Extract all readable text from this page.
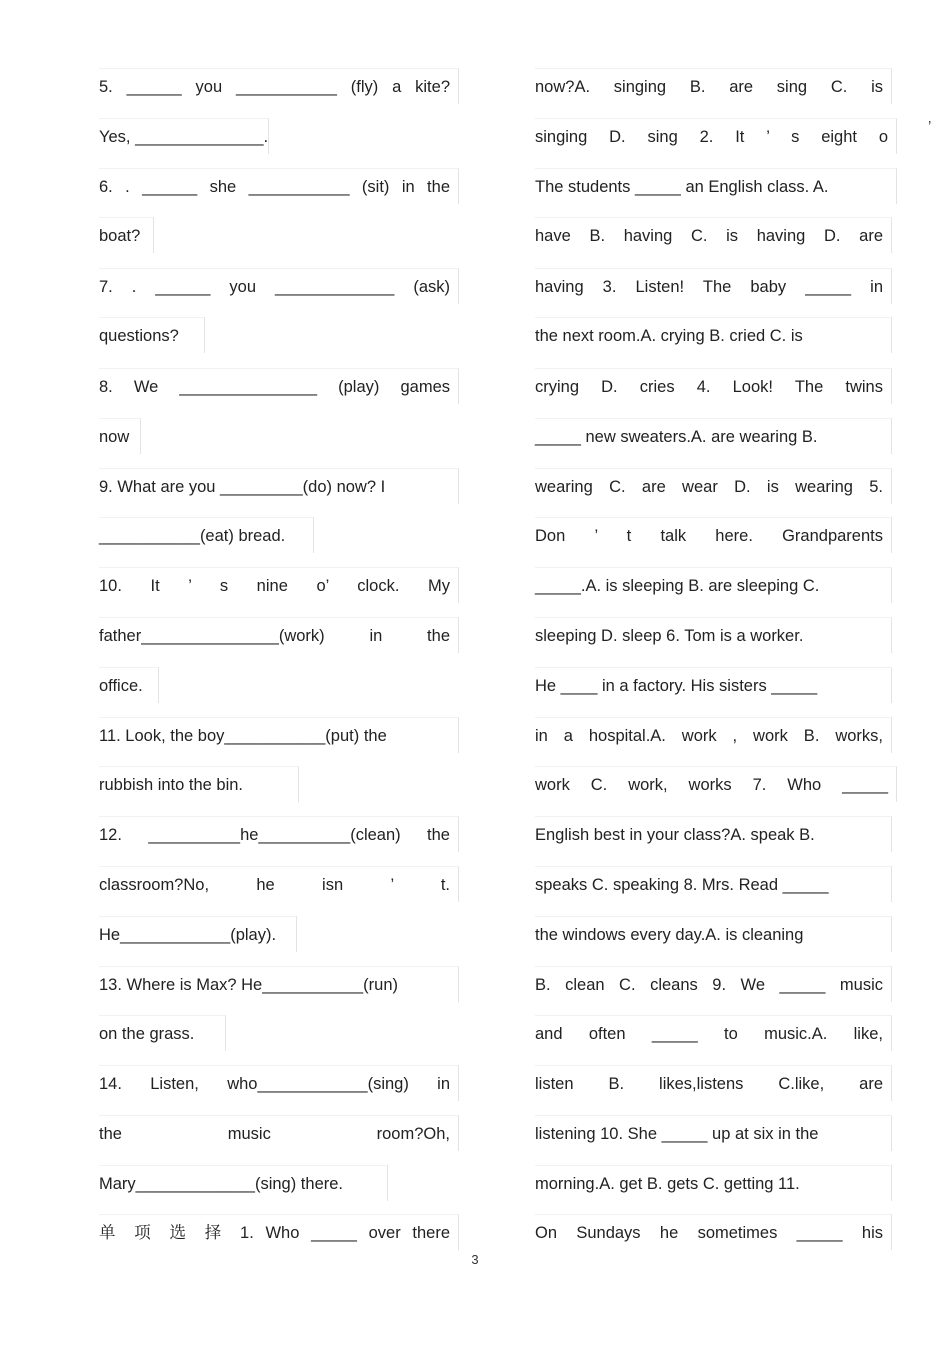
5. ______ you ___________ (fly) a kite?
Yes, ______________.
6. . ______ she ___________ (sit) in the
boat?
7. . ______ you _____________ (ask)
questions?
8. We _______________ (play) games
now
9. What are you _________(do) now? I
___________(eat) bread.
10. It ’ s nine o’ clock. My
father_______________(work) in the
office.
11. Look, the boy___________(put) the
rubbish into the bin.
12. __________he__________(clean) the
classroom?No, he isn ’ t.
He____________(play).
13. Where is Max? He___________(run)
on the grass.
14. Listen, who____________(sing) in
the music room?Oh,
Mary_____________(sing) there.
单 项 选 择 1. Who _____ over there
now?A. singing B. are sing C. is
singing D. sing 2. It ’ s eight o
The students _____ an English class. A.
have B. having C. is having D. are
having 3. Listen! The baby _____ in
the next room.A. crying B. cried C. is
crying D. cries 4. Look! The twins
_____ new sweaters.A. are wearing B.
wearing C. are wear D. is wearing 5.
Don ’ t talk here. Grandparents
_____.A. is sleeping B. are sleeping C.
sleeping D. sleep 6. Tom is a worker.
He ____ in a factory. His sisters _____
in a hospital.A. work , work B. works,
work C. work, works 7. Who _____
English best in your class?A. speak B.
speaks C. speaking 8. Mrs. Read _____
the windows every day.A. is cleaning
B. clean C. cleans 9. We _____ music
and often _____ to music.A. like,
listen B. likes,listens C.like, are
listening 10. She _____ up at six in the
morning.A. get B. gets C. getting 11.
On Sundays he sometimes _____ his
’
3
